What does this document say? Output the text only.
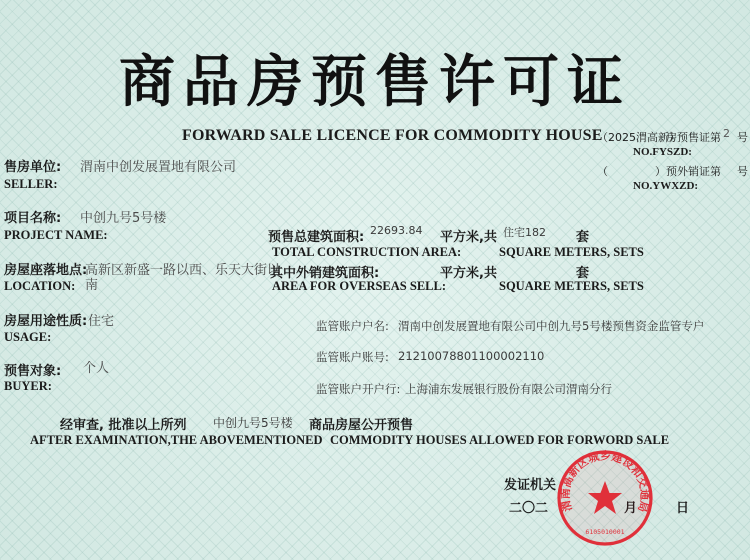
商品房预售许可证
FORWARD SALE LICENCE FOR COMMODITY HOUSE
（2025渭高新）
房预售证第 2 号
NO.FYSZD:
（	） 预外销证第 号
NO.YWXZD:
售房单位: 渭南中创发展置地有限公司
SELLER:
项目名称: 中创九号5号楼
PROJECT NAME:	预售总建筑面积: 22693.84 平方米,共 住宅182 套
TOTAL CONSTRUCTION AREA:	SQUARE METERS, SETS
房屋座落地点:
高新区新盛一路以西、乐天大街以
南
LOCATION:
其中外销建筑面积:	平方米,共	套
AREA FOR OVERSEAS SELL:	SQUARE METERS, SETS
房屋用途性质: 住宅
USAGE:
预售对象: 个人
BUYER:
监管账户户名: 渭南中创发展置地有限公司中创九号5号楼预售资金监管专户
监管账户账号: 21210078801100002110
监管账户开户行: 上海浦东发展银行股份有限公司渭南分行
经审查, 批准以上所列 中创九号5号楼 商品房屋公开预售
AFTER EXAMINATION,THE ABOVEMENTIONED COMMODITY HOUSES ALLOWED FOR FORWORD SALE
发证机关
二〇二	日
渭南高新区城乡建设和交通局
6105010001
